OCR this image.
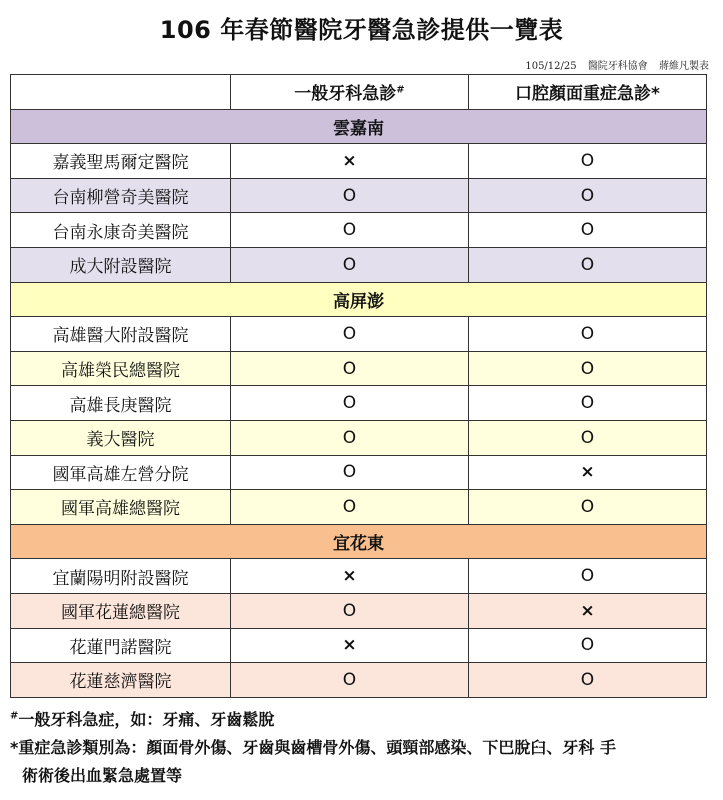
106 年春節醫院牙醫急診提供一覽表
105/12/25 醫院牙科協會 蔣維凡製表
	一般牙科急診#	口腔顏面重症急診*
雲嘉南		
嘉義聖馬爾定醫院	×	O
台南柳營奇美醫院	O	O
台南永康奇美醫院	O	O
成大附設醫院	O	O
高屏澎		
高雄醫大附設醫院	O	O
高雄榮民總醫院	O	O
高雄長庚醫院	O	O
義大醫院	O	O
國軍高雄左營分院	O	×
國軍高雄總醫院	O	O
宜花東		
宜蘭陽明附設醫院	×	O
國軍花蓮總醫院	O	×
花蓮門諾醫院	×	O
花蓮慈濟醫院	O	O

#一般牙科急症，如：牙痛、牙齒鬆脫

*重症急診類別為：顏面骨外傷、牙齒與齒槽骨外傷、頭頸部感染、下巴脫臼、牙科 手

術術後出血緊急處置等
